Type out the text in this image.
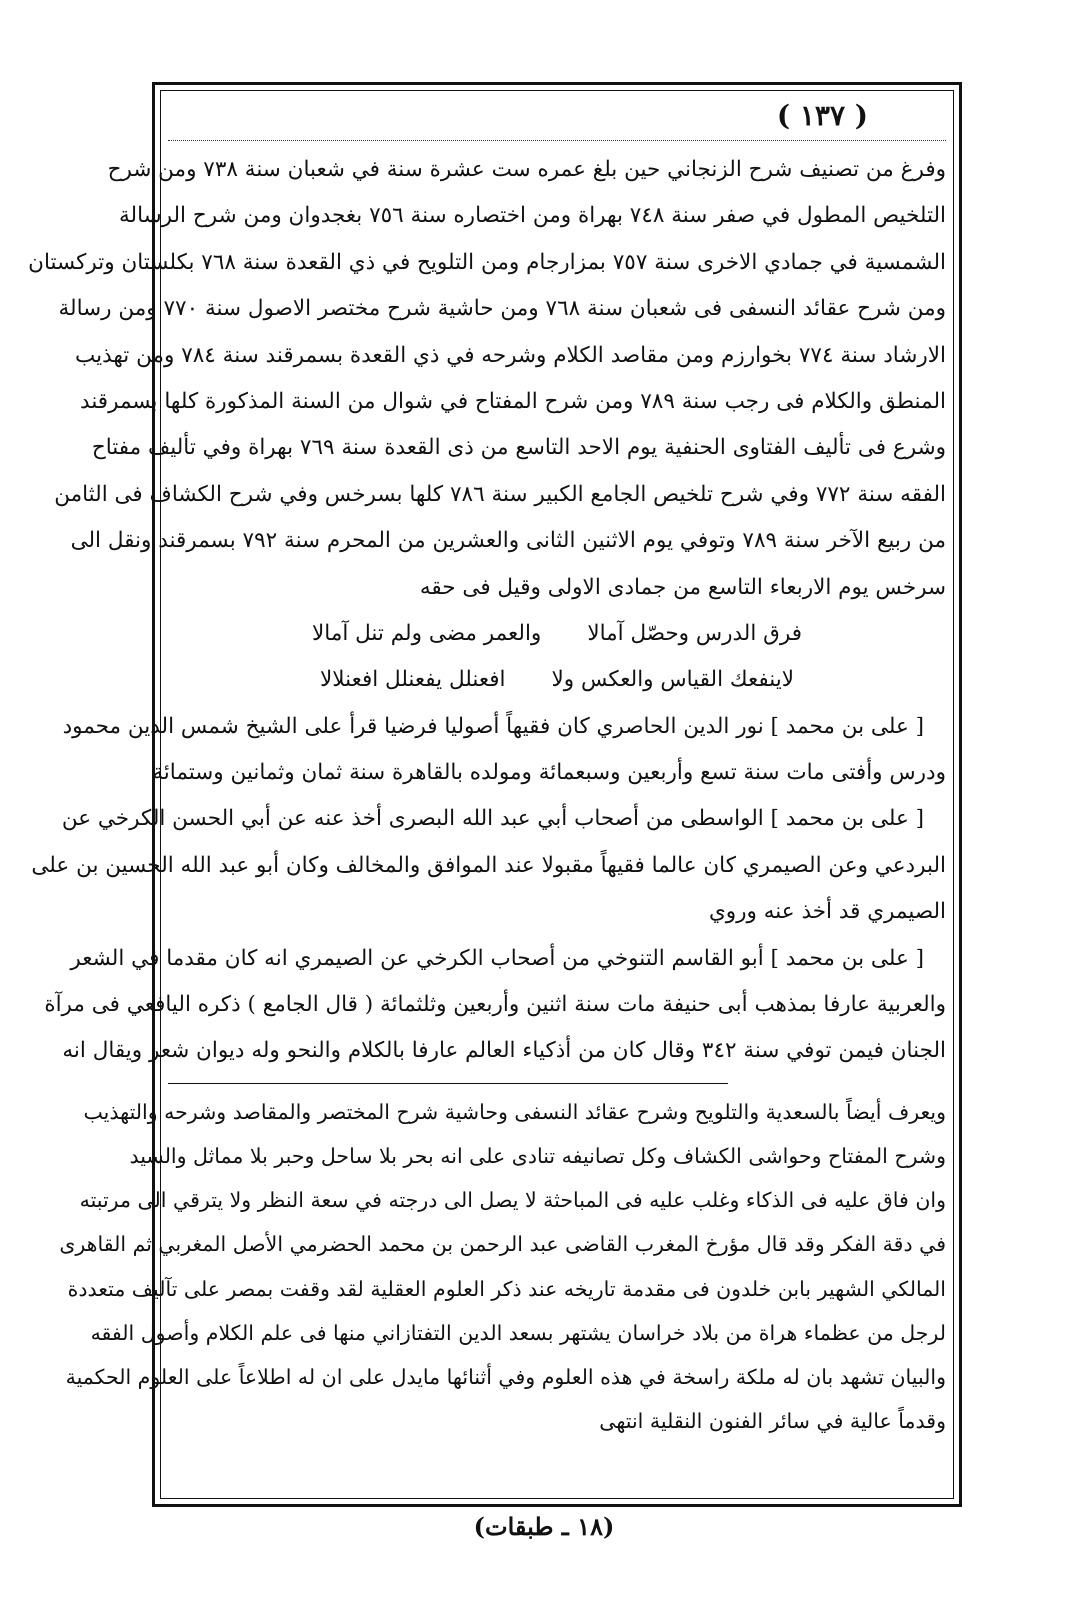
( ١٣٧ )
وفرغ من تصنيف شرح الزنجاني حين بلغ عمره ست عشرة سنة في شعبان سنة ٧٣٨ ومن شرح
التلخيص المطول في صفر سنة ٧٤٨ بهراة ومن اختصاره سنة ٧٥٦ بغجدوان ومن شرح الرسالة
الشمسية في جمادي الاخرى سنة ٧٥٧ بمزارجام ومن التلويح في ذي القعدة سنة ٧٦٨ بكلستان وتركستان
ومن شرح عقائد النسفى فى شعبان سنة ٧٦٨ ومن حاشية شرح مختصر الاصول سنة ٧٧٠ ومن رسالة
الارشاد سنة ٧٧٤ بخوارزم ومن مقاصد الكلام وشرحه في ذي القعدة بسمرقند سنة ٧٨٤ ومن تهذيب
المنطق والكلام فى رجب سنة ٧٨٩ ومن شرح المفتاح في شوال من السنة المذكورة كلها بسمرقند
وشرع فى تأليف الفتاوى الحنفية يوم الاحد التاسع من ذى القعدة سنة ٧٦٩ بهراة وفي تأليف مفتاح
الفقه سنة ٧٧٢ وفي شرح تلخيص الجامع الكبير سنة ٧٨٦ كلها بسرخس وفي شرح الكشاف فى الثامن
من ربيع الآخر سنة ٧٨٩ وتوفي يوم الاثنين الثانى والعشرين من المحرم سنة ٧٩٢ بسمرقند ونقل الى
سرخس يوم الاربعاء التاسع من جمادى الاولى وقيل فى حقه
فرق الدرس وحصّل آمالا
والعمر مضى ولم تنل آمالا
لاينفعك القياس والعكس ولا
افعنلل يفعنلل افعنلالا
[ على بن محمد ] نور الدين الحاصري كان فقيهاً أصوليا فرضيا قرأ على الشيخ شمس الدين محمود
ودرس وأفتى مات سنة تسع وأربعين وسبعمائة ومولده بالقاهرة سنة ثمان وثمانين وستمائة
[ على بن محمد ] الواسطى من أصحاب أبي عبد الله البصرى أخذ عنه عن أبي الحسن الكرخي عن
البردعي وعن الصيمري كان عالما فقيهاً مقبولا عند الموافق والمخالف وكان أبو عبد الله الحسين بن على
الصيمري قد أخذ عنه وروي
[ على بن محمد ] أبو القاسم التنوخي من أصحاب الكرخي عن الصيمري انه كان مقدما في الشعر
والعربية عارفا بمذهب أبى حنيفة مات سنة اثنين وأربعين وثلثمائة ( قال الجامع ) ذكره اليافعي فى مرآة
الجنان فيمن توفي سنة ٣٤٢ وقال كان من أذكياء العالم عارفا بالكلام والنحو وله ديوان شعر ويقال انه
ويعرف أيضاً بالسعدية والتلويح وشرح عقائد النسفى وحاشية شرح المختصر والمقاصد وشرحه والتهذيب
وشرح المفتاح وحواشى الكشاف وكل تصانيفه تنادى على انه بحر بلا ساحل وحبر بلا مماثل والسيد
وان فاق عليه فى الذكاء وغلب عليه فى المباحثة لا يصل الى درجته في سعة النظر ولا يترقي الى مرتبته
في دقة الفكر وقد قال مؤرخ المغرب القاضى عبد الرحمن بن محمد الحضرمي الأصل المغربي ثم القاهرى
المالكي الشهير بابن خلدون فى مقدمة تاريخه عند ذكر العلوم العقلية لقد وقفت بمصر على تآليف متعددة
لرجل من عظماء هراة من بلاد خراسان يشتهر بسعد الدين التفتازاني منها فى علم الكلام وأصول الفقه
والبيان تشهد بان له ملكة راسخة في هذه العلوم وفي أثنائها مايدل على ان له اطلاعاً على العلوم الحكمية
وقدماً عالية في سائر الفنون النقلية انتهى
(١٨ ـ طبقات)
